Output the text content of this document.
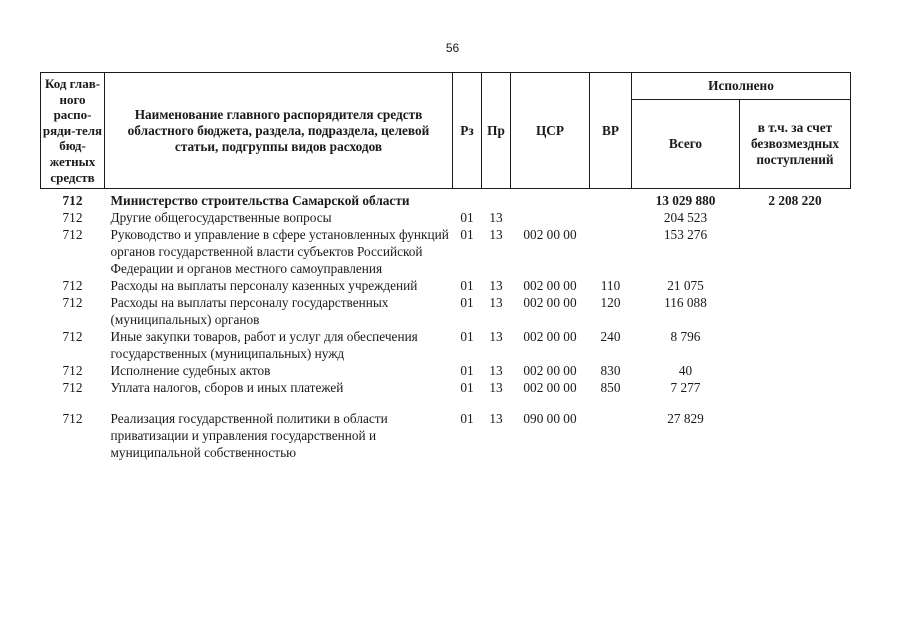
56
Код глав-ного распо-ряди-теля бюд-жетных средств	Наименование главного распорядителя средств областного бюджета, раздела, подраздела, целевой статьи, подгруппы видов расходов	Рз	Пр	ЦСР	ВР	Исполнено	
						Всего	в т.ч. за счет безвозмездных поступлений
712	Министерство строительства Самарской области					13 029 880	2 208 220
712	Другие общегосударственные вопросы	01	13			204 523	
712	Руководство и управление в сфере установленных функций органов государственной власти субъектов Российской Федерации и органов местного самоуправления	01	13	002 00 00		153 276	
712	Расходы на выплаты персоналу казенных учреждений	01	13	002 00 00	110	21 075	
712	Расходы на выплаты персоналу государственных (муниципальных) органов	01	13	002 00 00	120	116 088	
712	Иные закупки товаров, работ и услуг для обеспечения государственных (муниципальных) нужд	01	13	002 00 00	240	8 796	
712	Исполнение судебных актов	01	13	002 00 00	830	40	
712	Уплата налогов, сборов и иных платежей	01	13	002 00 00	850	7 277	
712	Реализация государственной политики в области приватизации и управления государственной и муниципальной собственностью	01	13	090 00 00		27 829	
